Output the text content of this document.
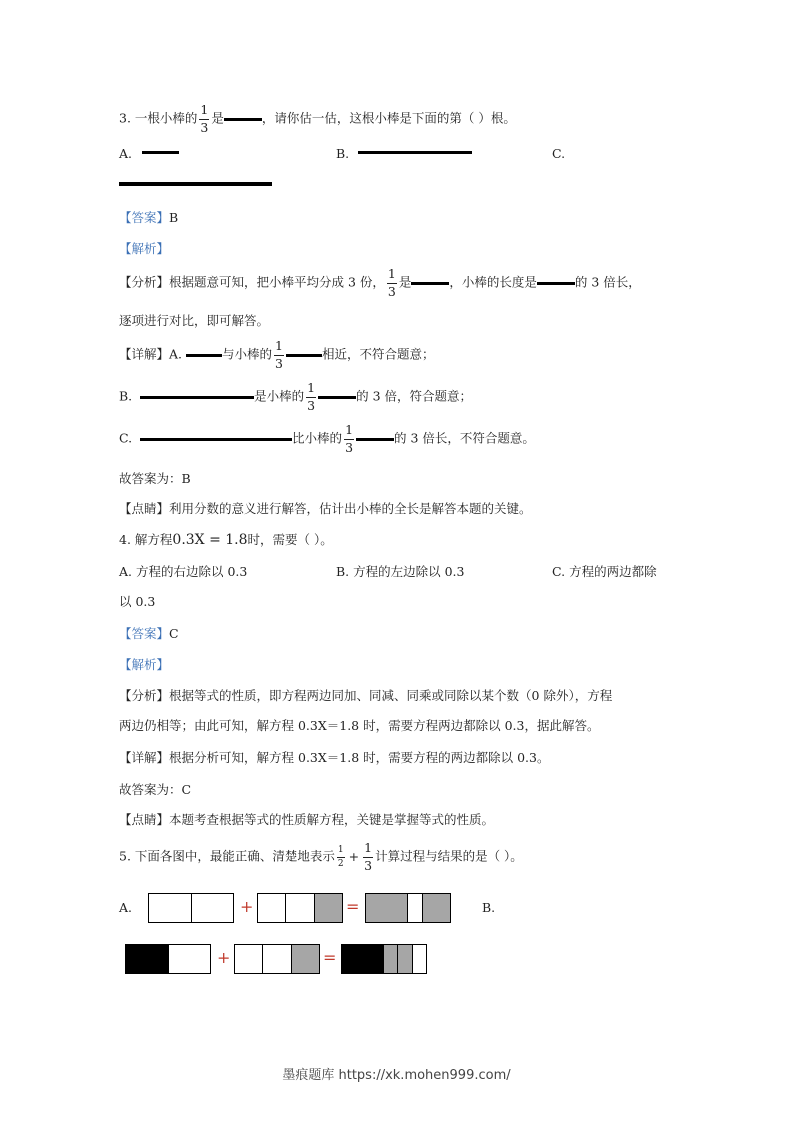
3. 一根小棒的 $\frac{1}{3}$ 是	，请你估一估，这根小棒是下面的第（ ）根。
A.	B.	C.
【答案】B
【解析】
【分析】根据题意可知，把小棒平均分成 3 份， $\frac{1}{3}$ 是	，小棒的长度是	的 3 倍长，
逐项进行对比，即可解答。
【详解】A.	与小棒的 $\frac{1}{3}$	相近，不符合题意；
B.	是小棒的 $\frac{1}{3}$	的 3 倍，符合题意；
C.	比小棒的 $\frac{1}{3}$	的 3 倍长，不符合题意。
故答案为：B
【点睛】利用分数的意义进行解答，估计出小棒的全长是解答本题的关键。
4. 解方程0.3X = 1.8时，需要（ ）。
A. 方程的右边除以 0.3	B. 方程的左边除以 0.3	C. 方程的两边都除
以 0.3
【答案】C
【解析】
【分析】根据等式的性质，即方程两边同加、同减、同乘或同除以某个数（0 除外），方程
两边仍相等；由此可知，解方程 0.3X＝1.8 时，需要方程两边都除以 0.3，据此解答。
【详解】根据分析可知，解方程 0.3X＝1.8 时，需要方程的两边都除以 0.3。
故答案为：C
【点睛】本题考查根据等式的性质解方程，关键是掌握等式的性质。
5. 下面各图中，最能正确、清楚地表示 $\frac{1}{2} + \frac{1}{3}$ 计算过程与结果的是（ ）。
A.	+	=	B.
+	=
墨痕题库 https://xk.mohen999.com/
